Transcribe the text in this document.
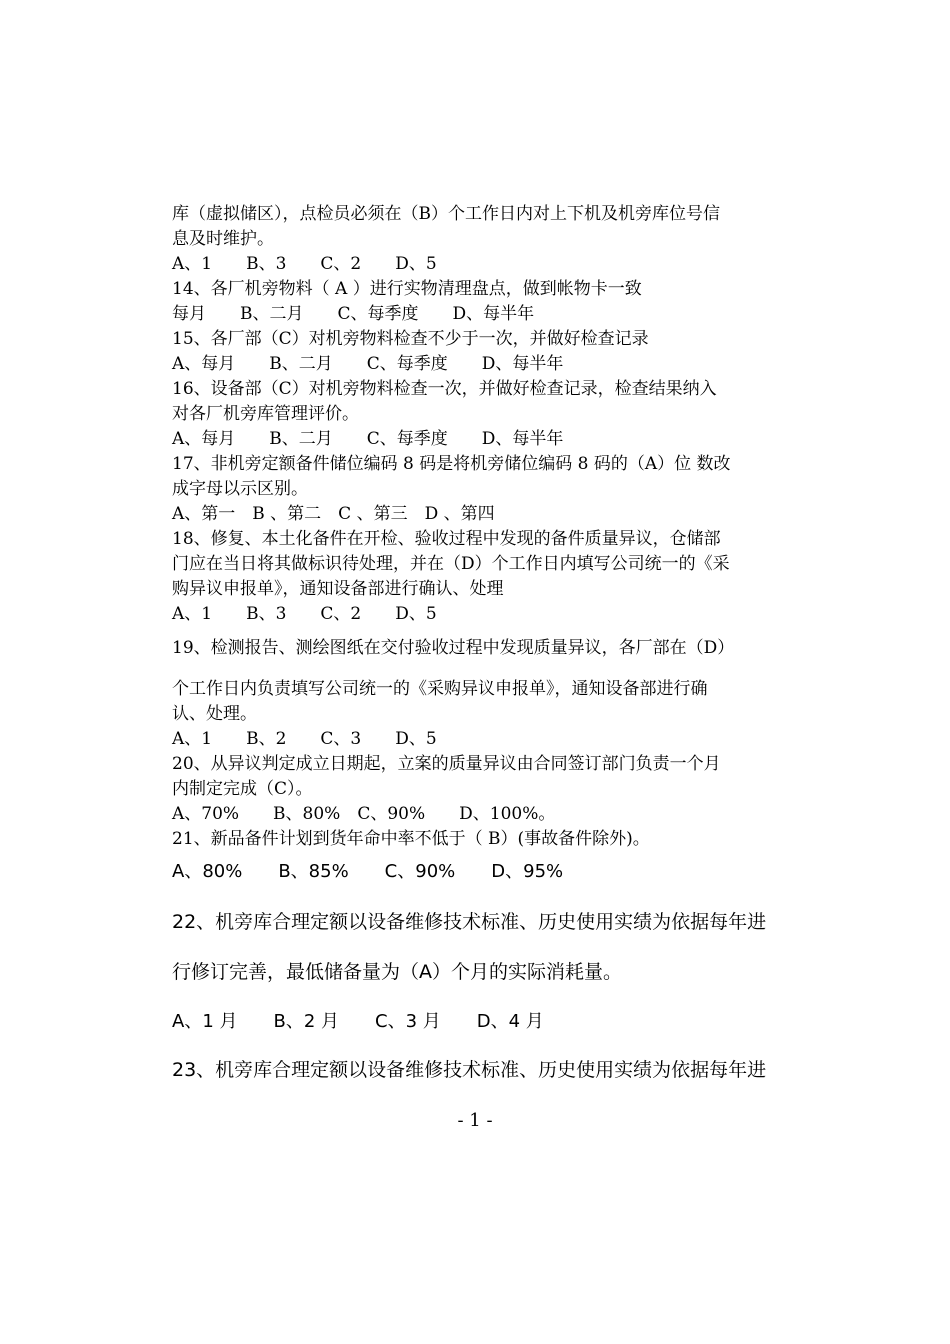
库（虚拟储区），点检员必须在（B）个工作日内对上下机及机旁库位号信
息及时维护。
A、1　　B、3　　C、2　　D、5
14、各厂机旁物料（ A ）进行实物清理盘点，做到帐物卡一致
每月　　B、二月　　C、每季度　　D、每半年
15、各厂部（C）对机旁物料检查不少于一次，并做好检查记录
A、每月　　B、二月　　C、每季度　　D、每半年
16、设备部（C）对机旁物料检查一次，并做好检查记录，检查结果纳入
对各厂机旁库管理评价。
A、每月　　B、二月　　C、每季度　　D、每半年
17、非机旁定额备件储位编码 8 码是将机旁储位编码 8 码的（A）位 数改
成字母以示区别。
A、第一　B 、第二　C 、第三　D 、第四
18、修复、本土化备件在开检、验收过程中发现的备件质量异议，仓储部
门应在当日将其做标识待处理，并在（D）个工作日内填写公司统一的《采
购异议申报单》，通知设备部进行确认、处理
A、1　　B、3　　C、2　　D、5
19、检测报告、测绘图纸在交付验收过程中发现质量异议，各厂部在（D）
个工作日内负责填写公司统一的《采购异议申报单》，通知设备部进行确
认、处理。
A、1　　B、2　　C、3　　D、5
20、从异议判定成立日期起，立案的质量异议由合同签订部门负责一个月
内制定完成（C）。
A、70%　　B、80%　C、90%　　D、100%。
21、新品备件计划到货年命中率不低于（ B）(事故备件除外)。
A、80%　　B、85%　　C、90%　　D、95%
22、机旁库合理定额以设备维修技术标准、历史使用实绩为依据每年进
行修订完善，最低储备量为（A）个月的实际消耗量。
A、1 月　　B、2 月　　C、3 月　　D、4 月
23、机旁库合理定额以设备维修技术标准、历史使用实绩为依据每年进
- 1 -
